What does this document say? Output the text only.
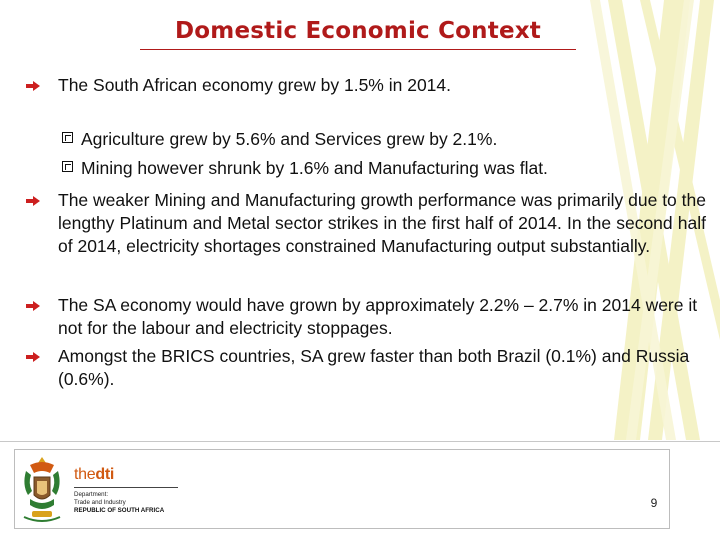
Domestic Economic Context
The South African economy grew by 1.5% in 2014.
Agriculture grew by 5.6% and Services grew by 2.1%.
Mining however shrunk by 1.6% and Manufacturing was flat.
The weaker Mining and Manufacturing growth performance was primarily due to the lengthy Platinum and Metal sector strikes in the first half of 2014. In the second half of 2014, electricity shortages constrained Manufacturing output substantially.
The SA economy would have grown by approximately 2.2% – 2.7% in 2014 were it not for the labour and electricity stoppages.
Amongst the BRICS countries, SA grew faster than both Brazil (0.1%) and Russia (0.6%).
thedti
Department:
Trade and Industry
REPUBLIC OF SOUTH AFRICA
9
